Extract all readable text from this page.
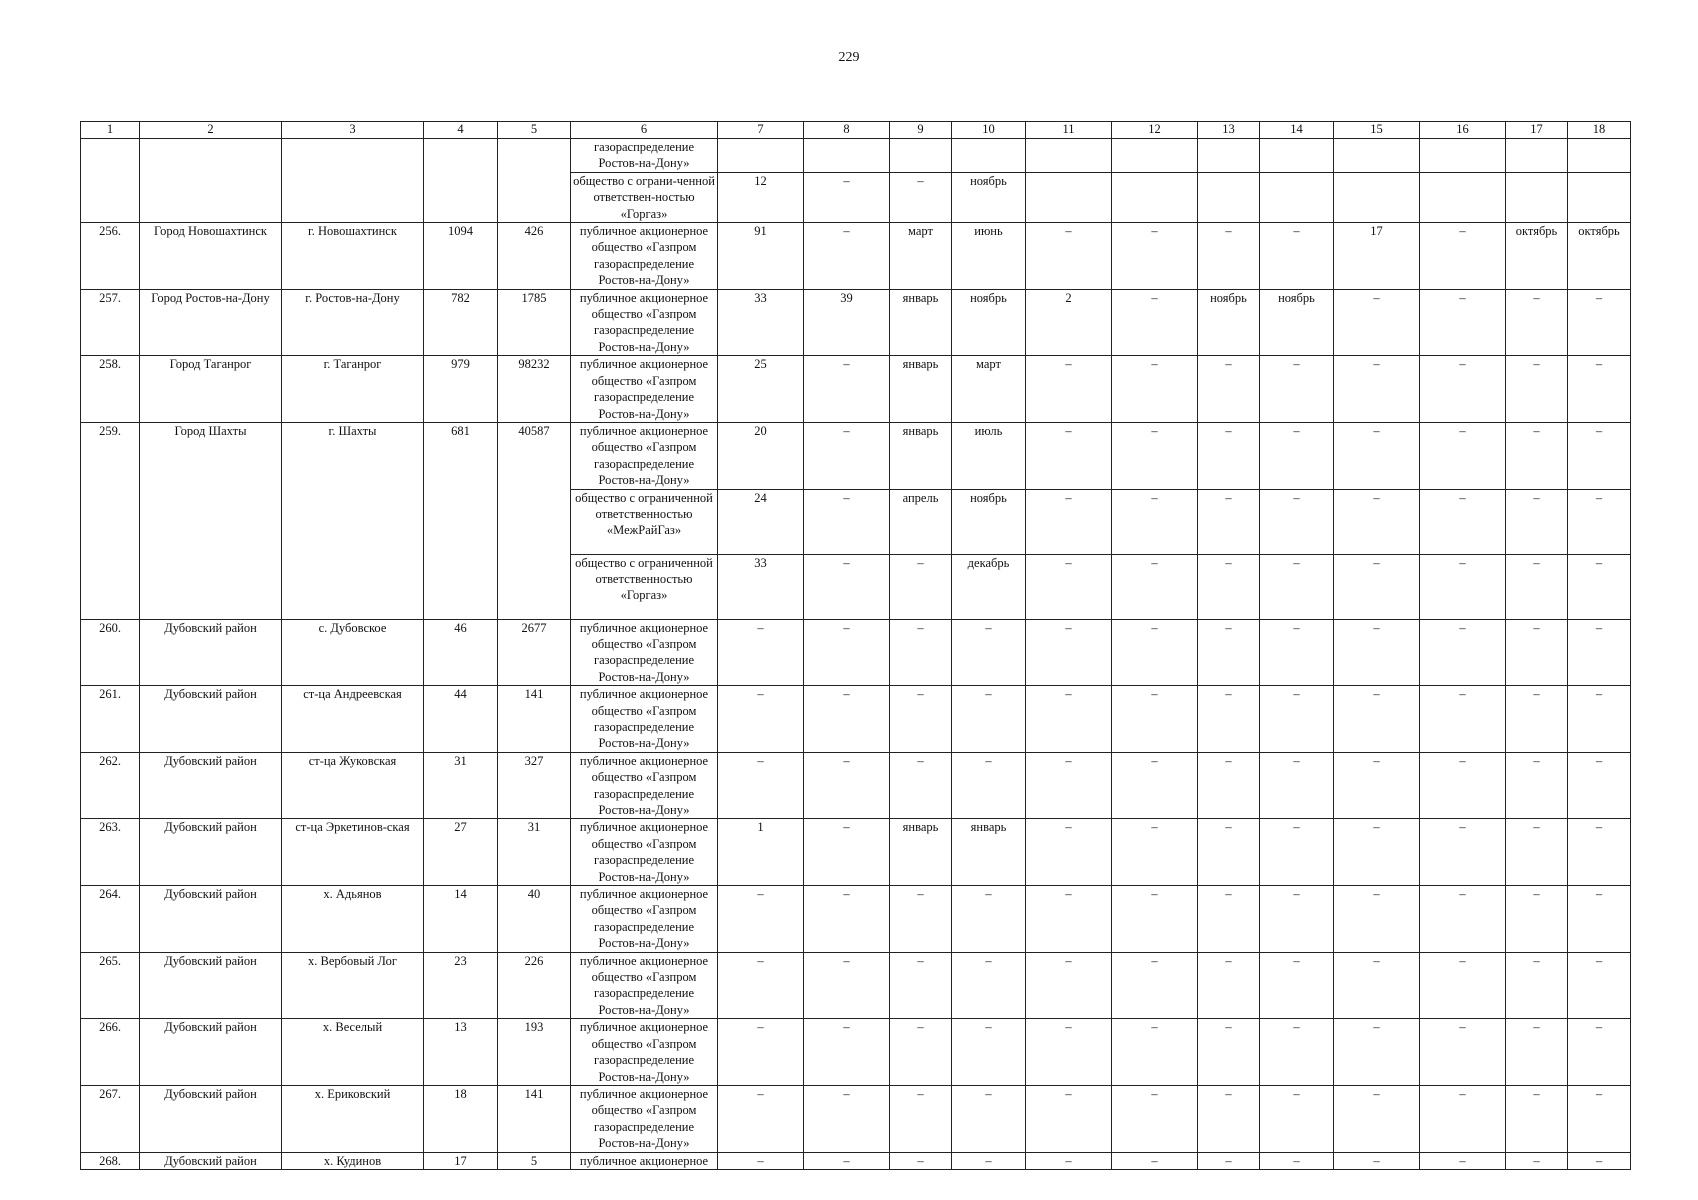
229
1	2	3	4	5	6	7	8	9	10	11	12	13	14	15	16	17	18
					газораспределение Ростов-на-Дону»												
					общество с ограни-ченной ответствен-ностью «Горгаз»	12	–	–	ноябрь								
256.	Город Новошахтинск	г. Новошахтинск	1094	426	публичное акционерное общество «Газпром газораспределение Ростов-на-Дону»	91	–	март	июнь	–	–	–	–	17	–	октябрь	октябрь
257.	Город Ростов-на-Дону	г. Ростов-на-Дону	782	1785	публичное акционерное общество «Газпром газораспределение Ростов-на-Дону»	33	39	январь	ноябрь	2	–	ноябрь	ноябрь	–	–	–	–
258.	Город Таганрог	г. Таганрог	979	98232	публичное акционерное общество «Газпром газораспределение Ростов-на-Дону»	25	–	январь	март	–	–	–	–	–	–	–	–
259.	Город Шахты	г. Шахты	681	40587	публичное акционерное общество «Газпром газораспределение Ростов-на-Дону»	20	–	январь	июль	–	–	–	–	–	–	–	–
					общество с ограниченной ответственностью «МежРайГаз»	24	–	апрель	ноябрь	–	–	–	–	–	–	–	–
					общество с ограниченной ответственностью «Горгаз»	33	–	–	декабрь	–	–	–	–	–	–	–	–
260.	Дубовский район	с. Дубовское	46	2677	публичное акционерное общество «Газпром газораспределение Ростов-на-Дону»	–	–	–	–	–	–	–	–	–	–	–	–
261.	Дубовский район	ст-ца Андреевская	44	141	публичное акционерное общество «Газпром газораспределение Ростов-на-Дону»	–	–	–	–	–	–	–	–	–	–	–	–
262.	Дубовский район	ст-ца Жуковская	31	327	публичное акционерное общество «Газпром газораспределение Ростов-на-Дону»	–	–	–	–	–	–	–	–	–	–	–	–
263.	Дубовский район	ст-ца Эркетинов-ская	27	31	публичное акционерное общество «Газпром газораспределение Ростов-на-Дону»	1	–	январь	январь	–	–	–	–	–	–	–	–
264.	Дубовский район	х. Адьянов	14	40	публичное акционерное общество «Газпром газораспределение Ростов-на-Дону»	–	–	–	–	–	–	–	–	–	–	–	–
265.	Дубовский район	х. Вербовый Лог	23	226	публичное акционерное общество «Газпром газораспределение Ростов-на-Дону»	–	–	–	–	–	–	–	–	–	–	–	–
266.	Дубовский район	х. Веселый	13	193	публичное акционерное общество «Газпром газораспределение Ростов-на-Дону»	–	–	–	–	–	–	–	–	–	–	–	–
267.	Дубовский район	х. Ериковский	18	141	публичное акционерное общество «Газпром газораспределение Ростов-на-Дону»	–	–	–	–	–	–	–	–	–	–	–	–
268.	Дубовский район	х. Кудинов	17	5	публичное акционерное	–	–	–	–	–	–	–	–	–	–	–	–
